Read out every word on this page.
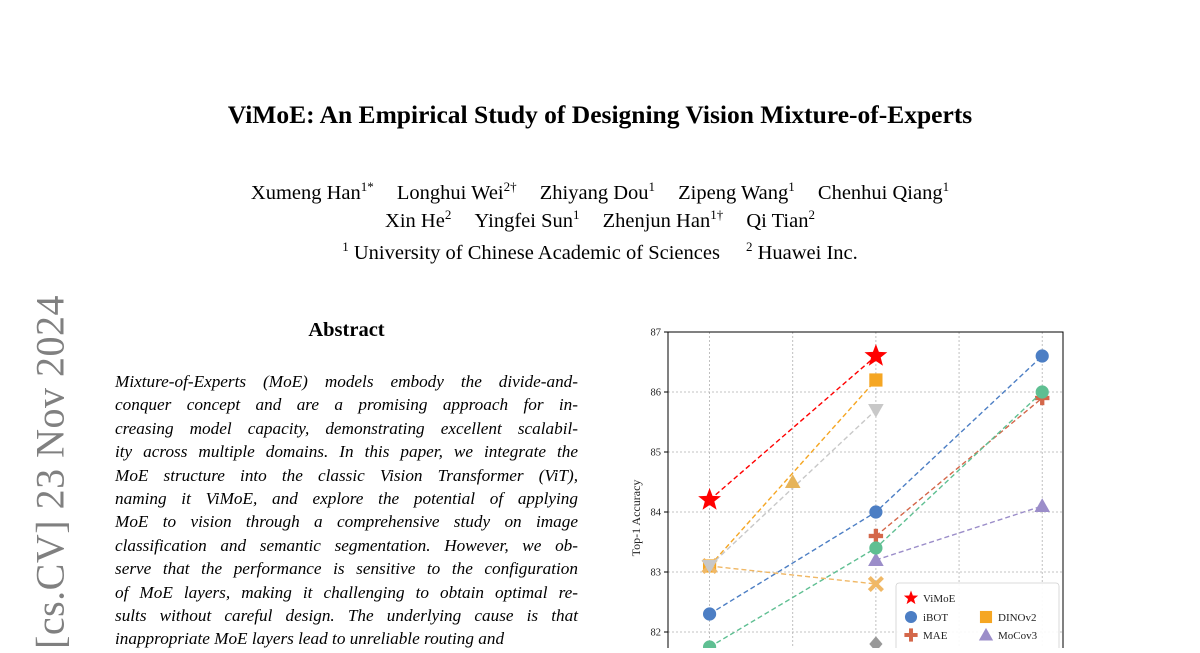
[cs.CV] 23 Nov 2024
ViMoE: An Empirical Study of Designing Vision Mixture-of-Experts
Xumeng Han$^{1*}$ Longhui Wei$^{2\dagger}$ Zhiyang Dou$^1$ Zipeng Wang$^1$ Chenhui Qiang$^1$
Xin He$^2$ Yingfei Sun$^1$ Zhenjun Han$^{1\dagger}$ Qi Tian$^2$
$^1$ University of Chinese Academic of Sciences $^2$ Huawei Inc.
Abstract
Mixture-of-Experts (MoE) models embody the divide-and-
conquer concept and are a promising approach for in-
creasing model capacity, demonstrating excellent scalabil-
ity across multiple domains. In this paper, we integrate the
MoE structure into the classic Vision Transformer (ViT),
naming it ViMoE, and explore the potential of applying
MoE to vision through a comprehensive study on image
classification and semantic segmentation. However, we ob-
serve that the performance is sensitive to the configuration
of MoE layers, making it challenging to obtain optimal re-
sults without careful design. The underlying cause is that
inappropriate MoE layers lead to unreliable routing and	82
83
84
85
86
87
Top-1 Accuracy
ViMoE
iBOT	DINOv2
MAE	MoCov3
